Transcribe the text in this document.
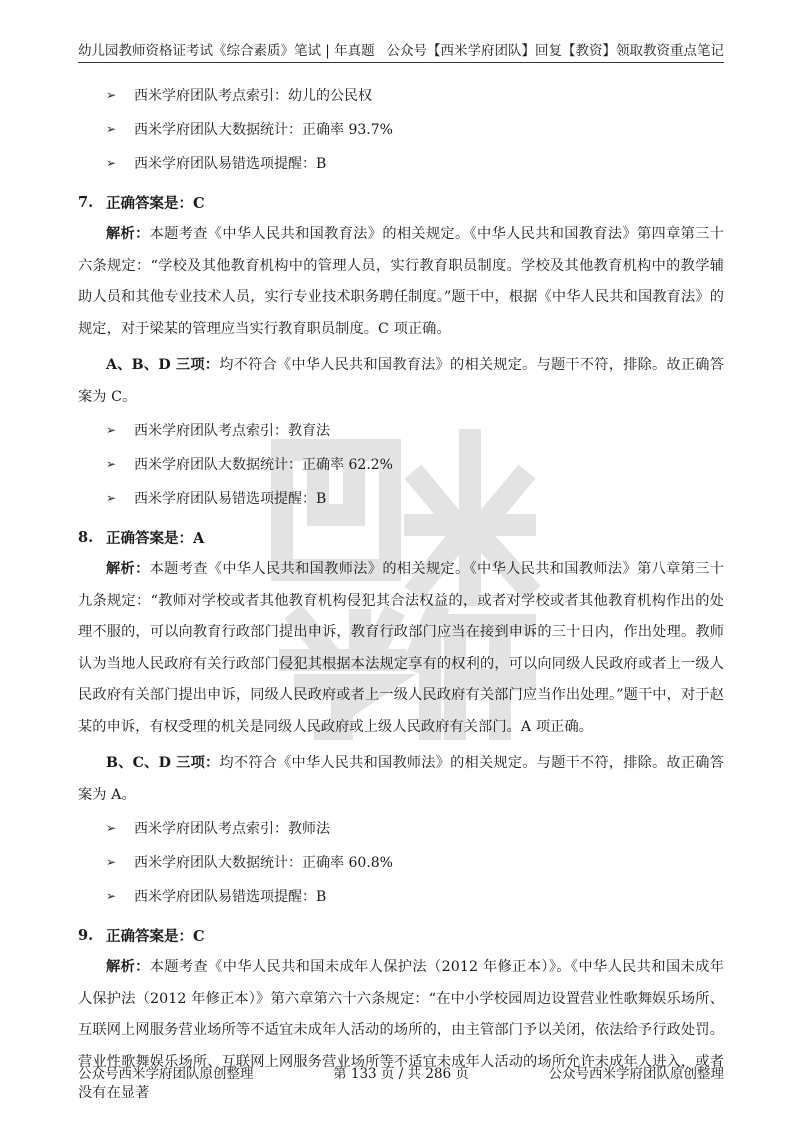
幼儿园教师资格证考试《综合素质》笔试 | 年真题 公众号【西米学府团队】回复【教资】领取教资重点笔记
西米学府
➢	西米学府团队考点索引：幼儿的公民权
➢	西米学府团队大数据统计：正确率 93.7%
➢	西米学府团队易错选项提醒：B
7. 正确答案是：C

解析：本题考查《中华人民共和国教育法》的相关规定。《中华人民共和国教育法》第四章第三十六条规定：“学校及其他教育机构中的管理人员，实行教育职员制度。学校及其他教育机构中的教学辅助人员和其他专业技术人员，实行专业技术职务聘任制度。”题干中，根据《中华人民共和国教育法》的规定，对于梁某的管理应当实行教育职员制度。C 项正确。

A、B、D 三项：均不符合《中华人民共和国教育法》的相关规定。与题干不符，排除。故正确答案为 C。

➢	西米学府团队考点索引：教育法
➢	西米学府团队大数据统计：正确率 62.2%
➢	西米学府团队易错选项提醒：B
8. 正确答案是：A

解析：本题考查《中华人民共和国教师法》的相关规定。《中华人民共和国教师法》第八章第三十九条规定：“教师对学校或者其他教育机构侵犯其合法权益的，或者对学校或者其他教育机构作出的处理不服的，可以向教育行政部门提出申诉，教育行政部门应当在接到申诉的三十日内，作出处理。教师认为当地人民政府有关行政部门侵犯其根据本法规定享有的权利的，可以向同级人民政府或者上一级人民政府有关部门提出申诉，同级人民政府或者上一级人民政府有关部门应当作出处理。”题干中，对于赵某的申诉，有权受理的机关是同级人民政府或上级人民政府有关部门。A 项正确。

B、C、D 三项：均不符合《中华人民共和国教师法》的相关规定。与题干不符，排除。故正确答案为 A。

➢	西米学府团队考点索引：教师法
➢	西米学府团队大数据统计：正确率 60.8%
➢	西米学府团队易错选项提醒：B
9. 正确答案是：C

解析：本题考查《中华人民共和国未成年人保护法（2012 年修正本）》。《中华人民共和国未成年人保护法（2012 年修正本）》第六章第六十六条规定：“在中小学校园周边设置营业性歌舞娱乐场所、互联网上网服务营业场所等不适宜未成年人活动的场所的，由主管部门予以关闭，依法给予行政处罚。营业性歌舞娱乐场所、互联网上网服务营业场所等不适宜未成年人活动的场所允许未成年人进入，或者没有在显著

公众号西米学府团队原创整理	第 133 页 / 共 286 页	公众号西米学府团队原创整理
